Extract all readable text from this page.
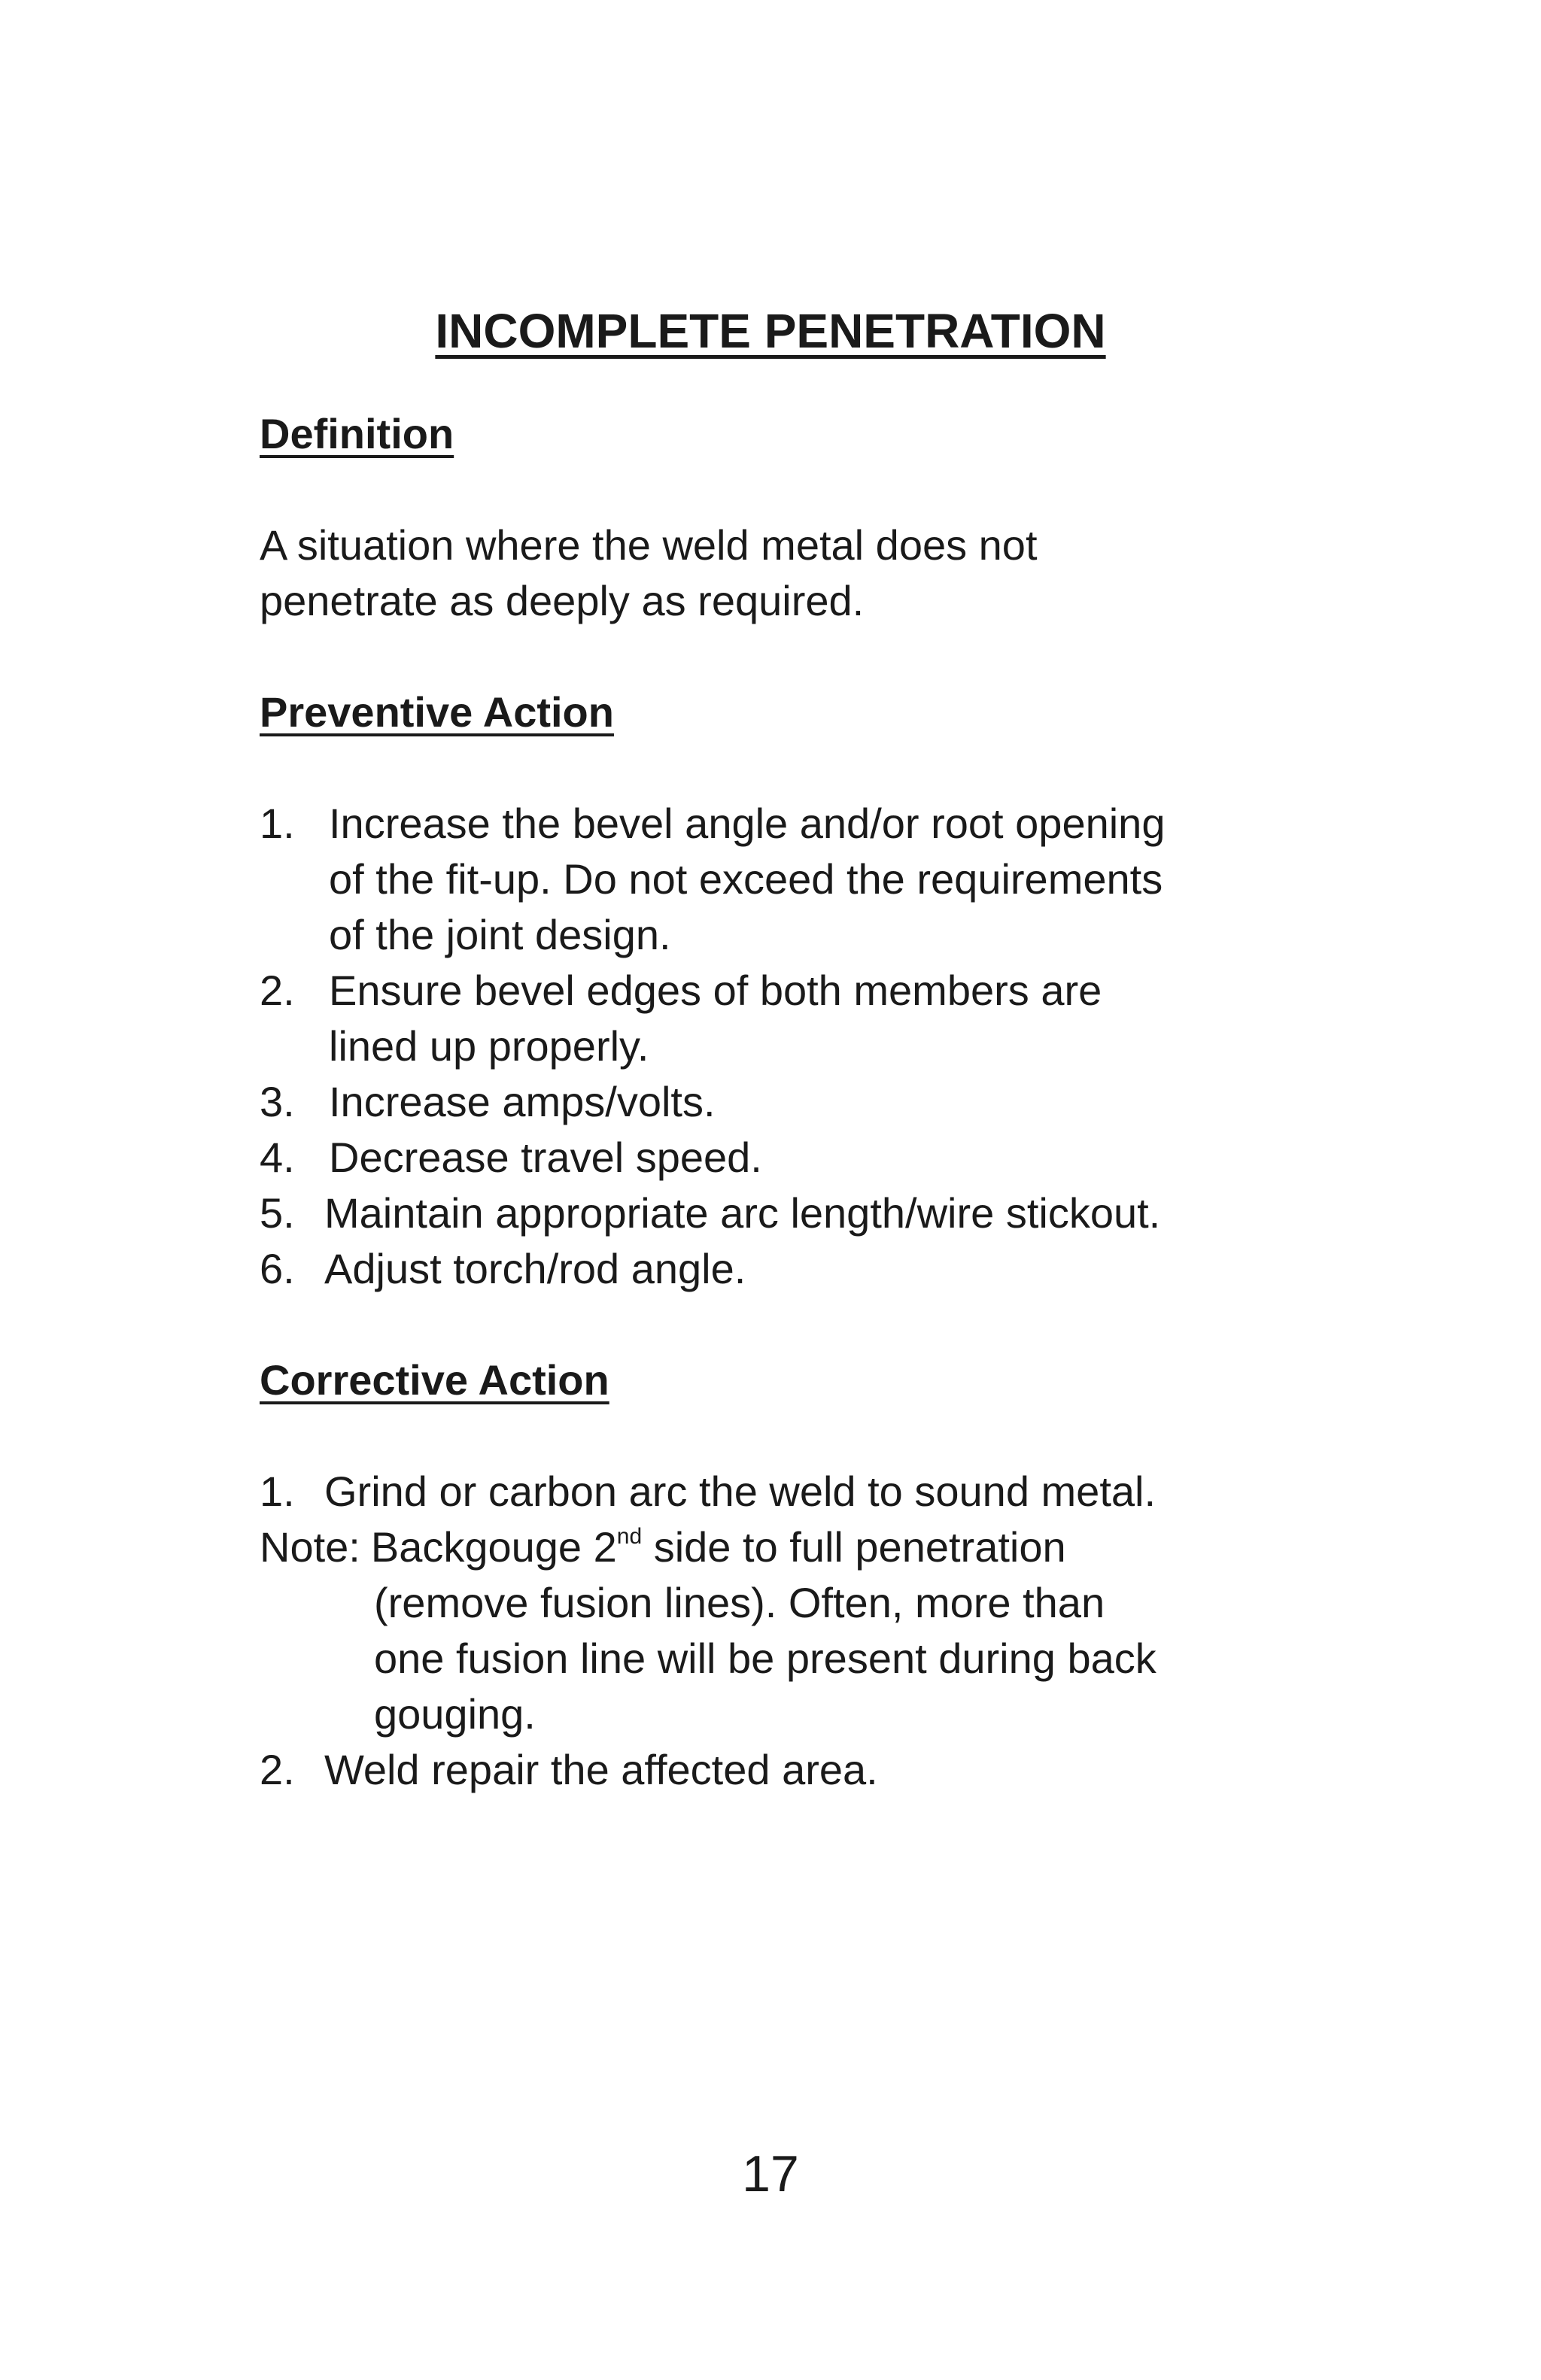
INCOMPLETE PENETRATION
Definition

A situation where the weld metal does not

penetrate as deeply as required.

Preventive Action
1. Increase the bevel angle and/or root opening
of the fit-up. Do not exceed the requirements
of the joint design.
2. Ensure bevel edges of both members are
lined up properly.
3. Increase amps/volts.
4. Decrease travel speed.
5. Maintain appropriate arc length/wire stickout.
6. Adjust torch/rod angle.
Corrective Action
1. Grind or carbon arc the weld to sound metal.
Note: Backgouge 2nd side to full penetration
(remove fusion lines). Often, more than
one fusion line will be present during back
gouging.
2. Weld repair the affected area.
17
